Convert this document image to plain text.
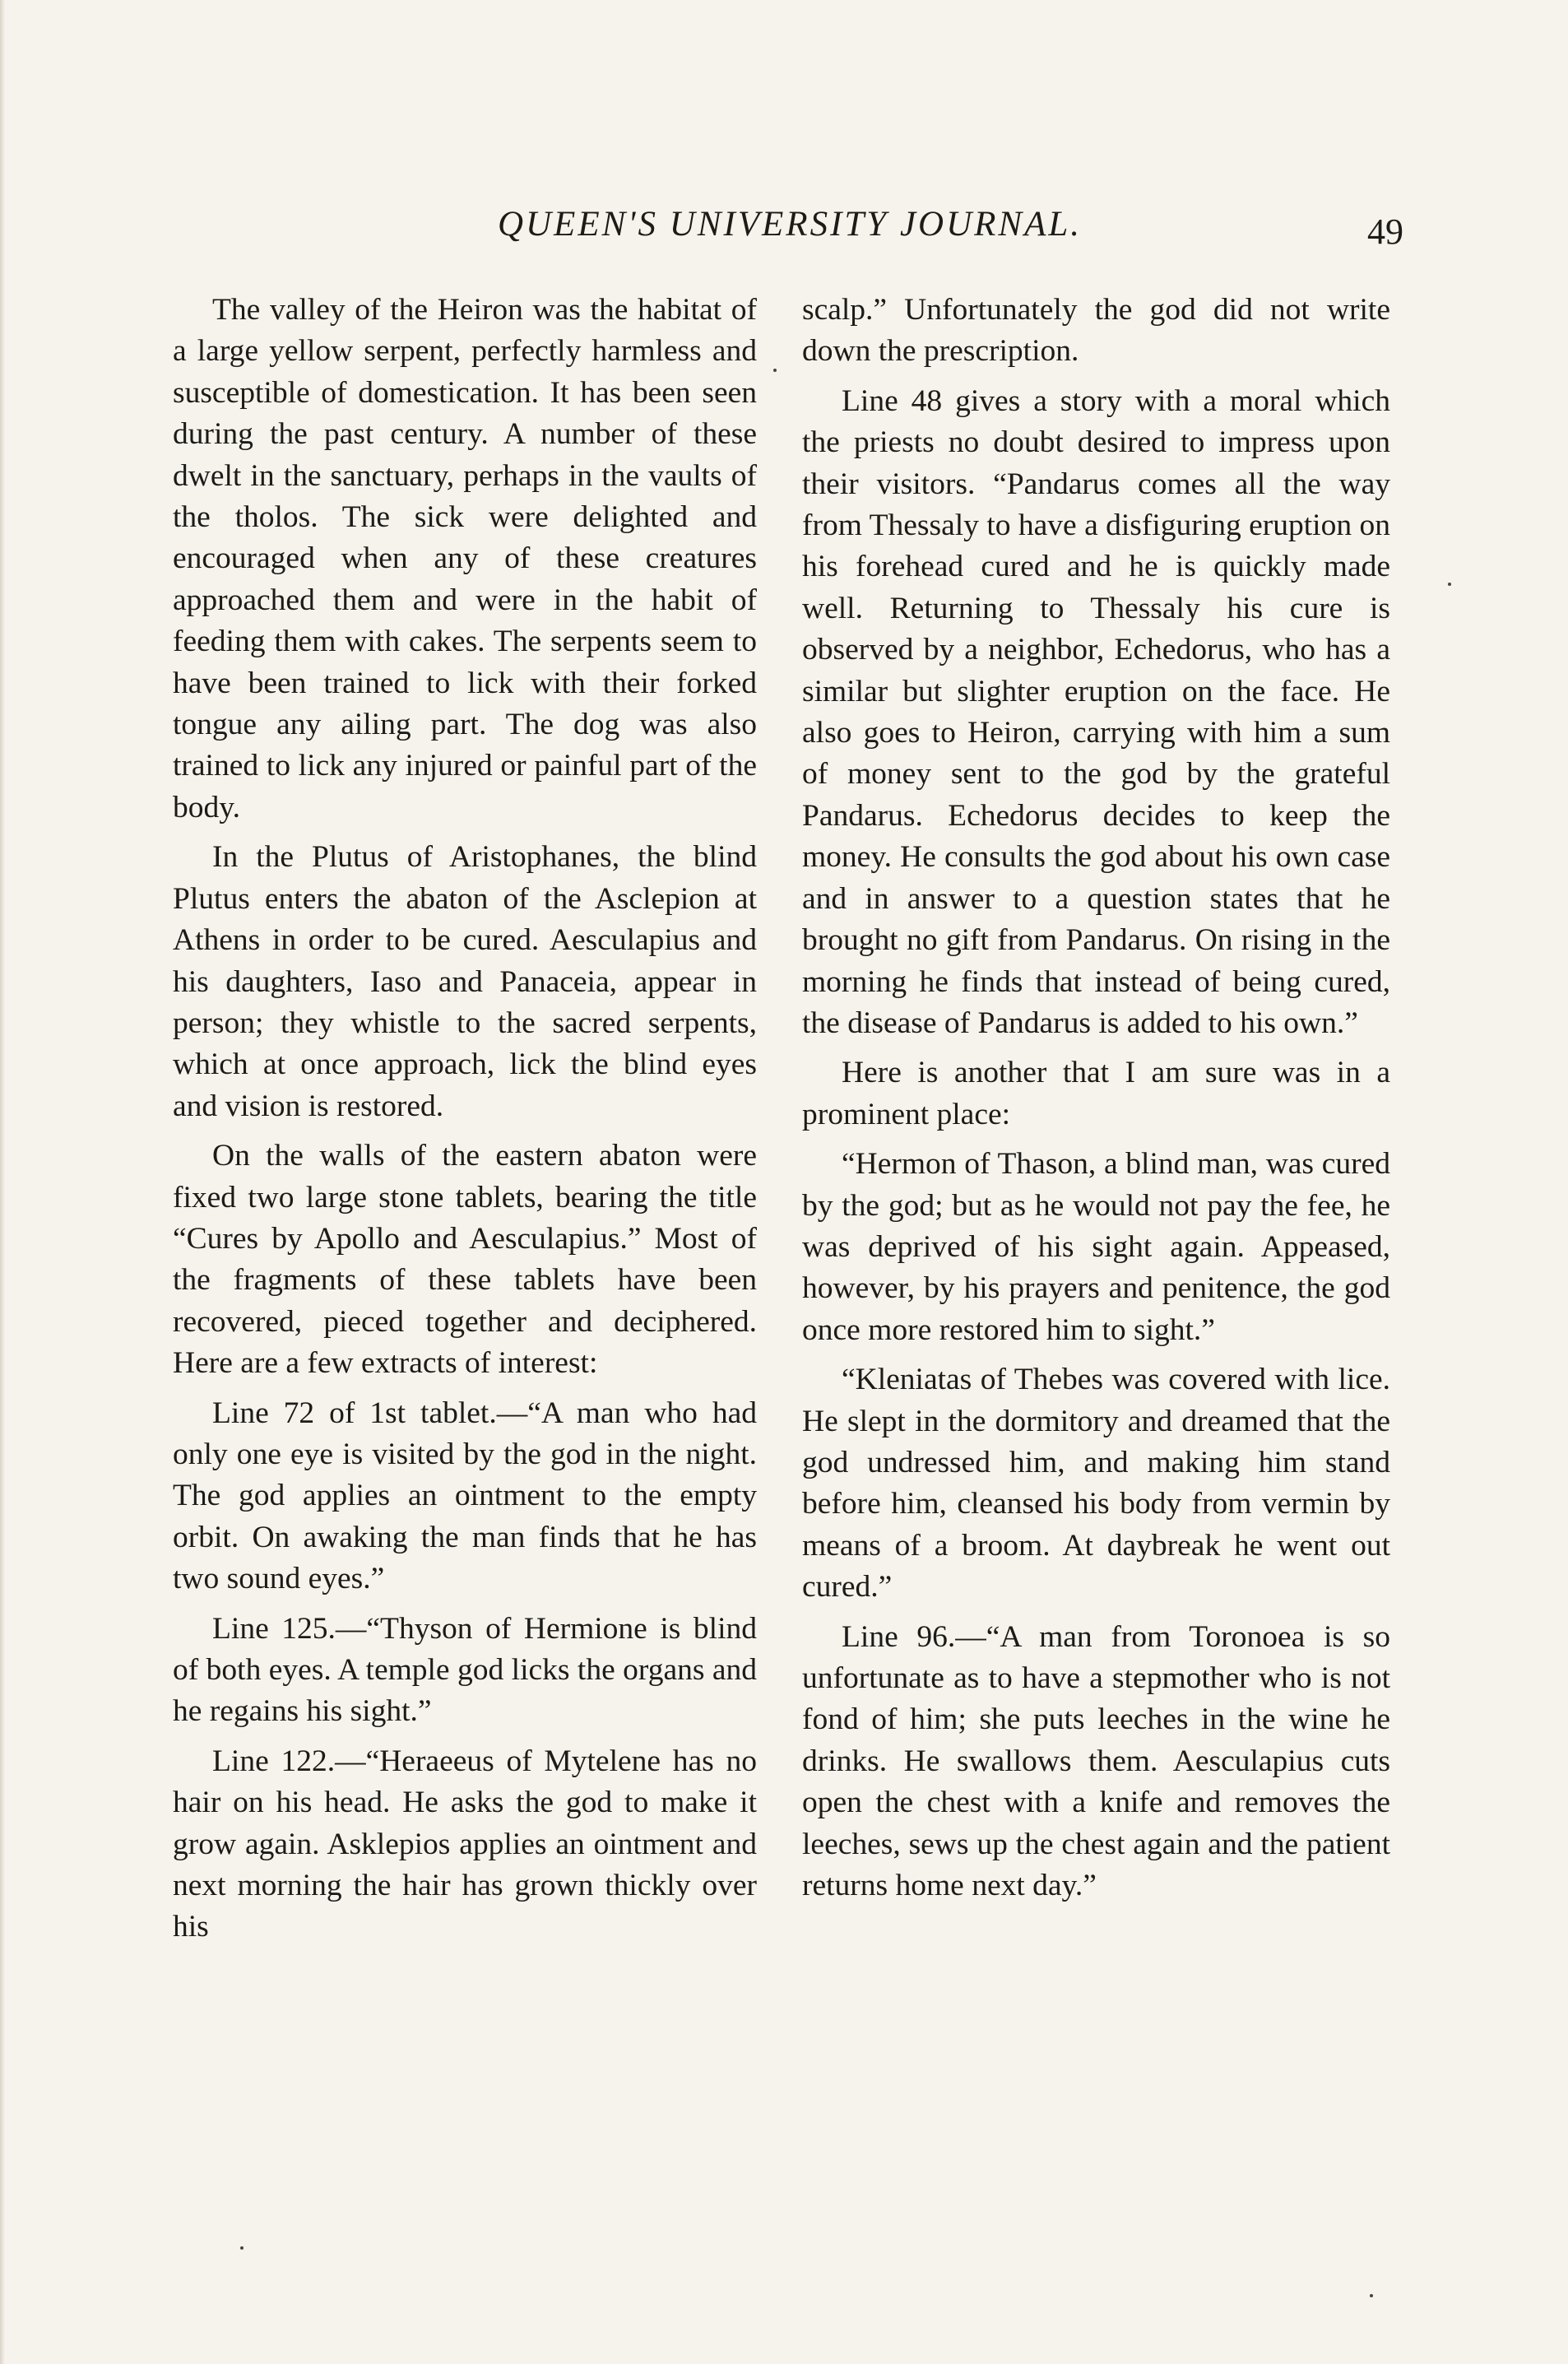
QUEEN'S UNIVERSITY JOURNAL.	49

The valley of the Heiron was the habitat of a large yellow serpent, perfectly harmless and susceptible of domestication. It has been seen during the past century. A number of these dwelt in the sanctuary, perhaps in the vaults of the tholos. The sick were delighted and encouraged when any of these creatures approached them and were in the habit of feeding them with cakes. The serpents seem to have been trained to lick with their forked tongue any ailing part. The dog was also trained to lick any injured or painful part of the body.

In the Plutus of Aristophanes, the blind Plutus enters the abaton of the Asclepion at Athens in order to be cured. Aesculapius and his daughters, Iaso and Panaceia, appear in person; they whistle to the sacred serpents, which at once approach, lick the blind eyes and vision is restored.

On the walls of the eastern abaton were fixed two large stone tablets, bearing the title “Cures by Apollo and Aesculapius.” Most of the fragments of these tablets have been recovered, pieced together and deciphered. Here are a few extracts of interest:

Line 72 of 1st tablet.—“A man who had only one eye is visited by the god in the night. The god applies an ointment to the empty orbit. On awaking the man finds that he has two sound eyes.”

Line 125.—“Thyson of Hermione is blind of both eyes. A temple god licks the organs and he regains his sight.”

Line 122.—“Heraeeus of Mytelene has no hair on his head. He asks the god to make it grow again. Asklepios applies an ointment and next morning the hair has grown thickly over his

scalp.” Unfortunately the god did not write down the prescription.

Line 48 gives a story with a moral which the priests no doubt desired to impress upon their visitors. “Pandarus comes all the way from Thessaly to have a disfiguring eruption on his forehead cured and he is quickly made well. Returning to Thessaly his cure is observed by a neighbor, Echedorus, who has a similar but slighter eruption on the face. He also goes to Heiron, carrying with him a sum of money sent to the god by the grateful Pandarus. Echedorus decides to keep the money. He consults the god about his own case and in answer to a question states that he brought no gift from Pandarus. On rising in the morning he finds that instead of being cured, the disease of Pandarus is added to his own.”

Here is another that I am sure was in a prominent place:

“Hermon of Thason, a blind man, was cured by the god; but as he would not pay the fee, he was deprived of his sight again. Appeased, however, by his prayers and penitence, the god once more restored him to sight.”

“Kleniatas of Thebes was covered with lice. He slept in the dormitory and dreamed that the god undressed him, and making him stand before him, cleansed his body from vermin by means of a broom. At daybreak he went out cured.”

Line 96.—“A man from Toronoea is so unfortunate as to have a stepmother who is not fond of him; she puts leeches in the wine he drinks. He swallows them. Aesculapius cuts open the chest with a knife and removes the leeches, sews up the chest again and the patient returns home next day.”
